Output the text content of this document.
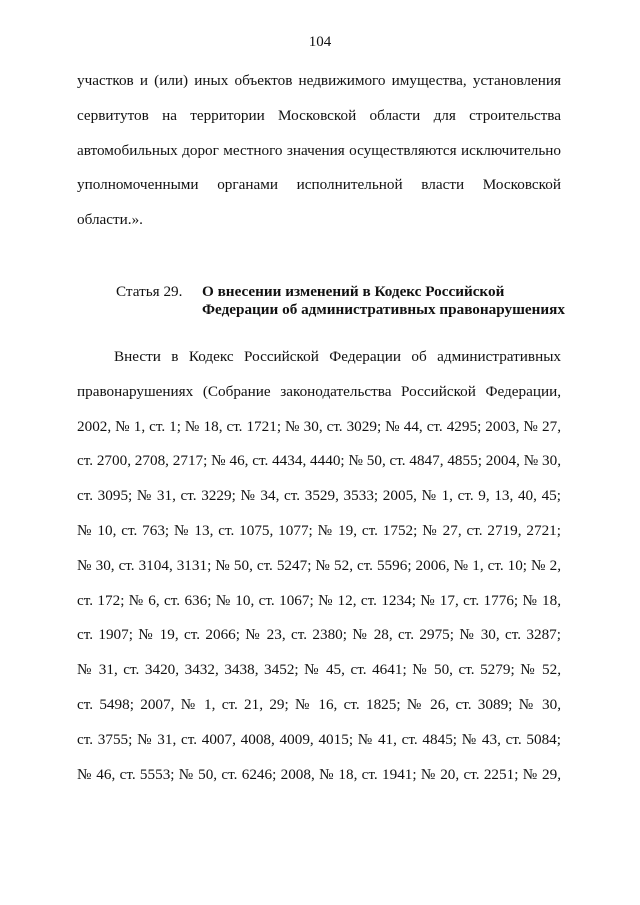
104
участков и (или) иных объектов недвижимого имущества, установления
сервитутов на территории Московской области для строительства
автомобильных дорог местного значения осуществляются исключительно
уполномоченными органами исполнительной власти Московской
области.».
Статья 29. О внесении изменений в Кодекс Российской
Федерации об административных правонарушениях
Внести в Кодекс Российской Федерации об административных
правонарушениях (Собрание законодательства Российской Федерации,
2002, № 1, ст. 1; № 18, ст. 1721; № 30, ст. 3029; № 44, ст. 4295; 2003, № 27,
ст. 2700, 2708, 2717; № 46, ст. 4434, 4440; № 50, ст. 4847, 4855; 2004, № 30,
ст. 3095; № 31, ст. 3229; № 34, ст. 3529, 3533; 2005, № 1, ст. 9, 13, 40, 45;
№ 10, ст. 763; № 13, ст. 1075, 1077; № 19, ст. 1752; № 27, ст. 2719, 2721;
№ 30, ст. 3104, 3131; № 50, ст. 5247; № 52, ст. 5596; 2006, № 1, ст. 10; № 2,
ст. 172; № 6, ст. 636; № 10, ст. 1067; № 12, ст. 1234; № 17, ст. 1776; № 18,
ст. 1907; № 19, ст. 2066; № 23, ст. 2380; № 28, ст. 2975; № 30, ст. 3287;
№ 31, ст. 3420, 3432, 3438, 3452; № 45, ст. 4641; № 50, ст. 5279; № 52,
ст. 5498; 2007, № 1, ст. 21, 29; № 16, ст. 1825; № 26, ст. 3089; № 30,
ст. 3755; № 31, ст. 4007, 4008, 4009, 4015; № 41, ст. 4845; № 43, ст. 5084;
№ 46, ст. 5553; № 50, ст. 6246; 2008, № 18, ст. 1941; № 20, ст. 2251; № 29,
